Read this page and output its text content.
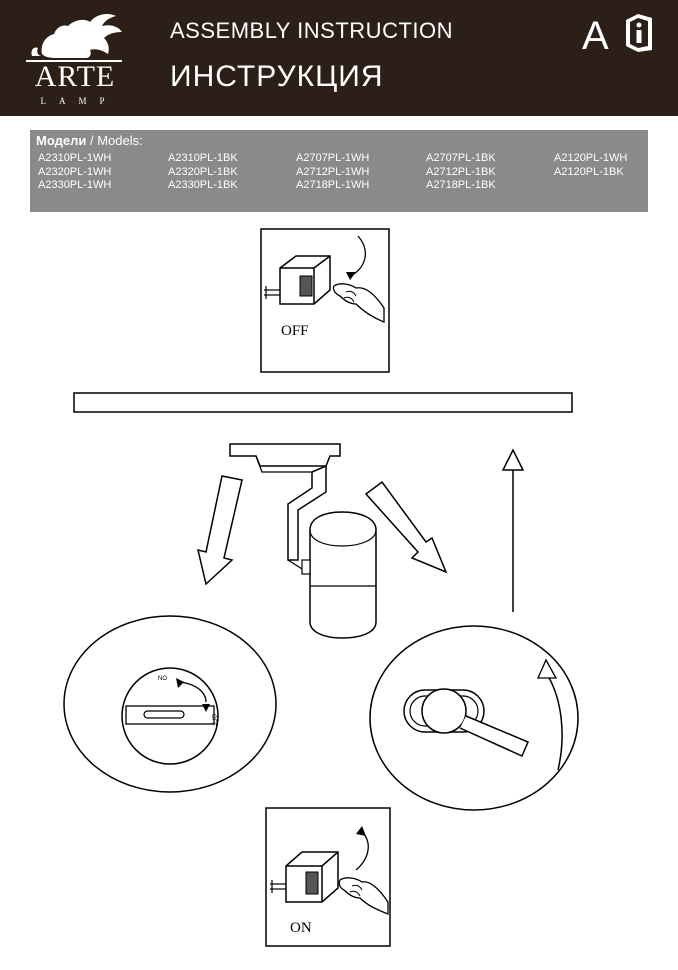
ARTE
LAMP
ASSEMBLY INSTRUCTION
ИНСТРУКЦИЯ
A
Модели / Models:
A2310PL-1WH
A2320PL-1WH
A2330PL-1WH
A2310PL-1BK
A2320PL-1BK
A2330PL-1BK
A2707PL-1WH
A2712PL-1WH
A2718PL-1WH
A2707PL-1BK
A2712PL-1BK
A2718PL-1BK
A2120PL-1WH
A2120PL-1BK
OFF
NO
OFF
ON
